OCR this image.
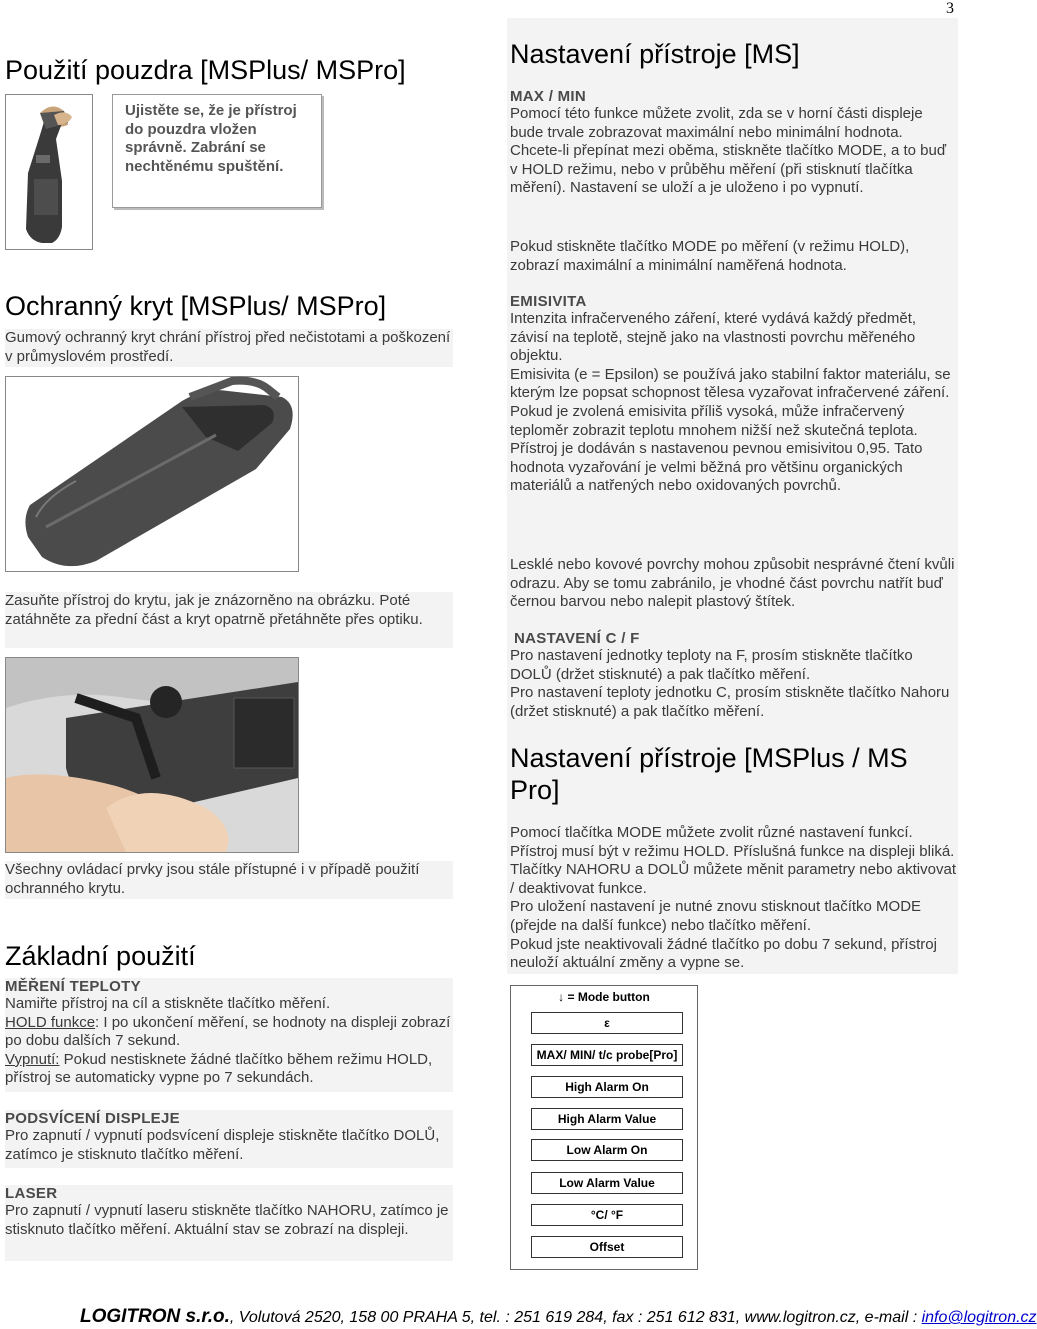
3
Použití pouzdra [MSPlus/ MSPro]
Ujistěte se, že je přístroj do pouzdra vložen správně. Zabrání se nechtěnému spuštění.
Ochranný kryt [MSPlus/ MSPro]
Gumový ochranný kryt chrání přístroj před nečistotami a poškození v průmyslovém prostředí.
Zasuňte přístroj do krytu, jak je znázorněno na obrázku. Poté zatáhněte za přední část a kryt opatrně přetáhněte přes optiku.
Všechny ovládací prvky jsou stále přístupné i v případě použití ochranného krytu.
Základní použití
MĚŘENÍ TEPLOTY
Namiřte přístroj na cíl a stiskněte tlačítko měření.
HOLD funkce: I po ukončení měření, se hodnoty na displeji zobrazí po dobu dalších 7 sekund.
Vypnutí: Pokud nestisknete žádné tlačítko během režimu HOLD, přístroj se automaticky vypne po 7 sekundách.
PODSVÍCENÍ DISPLEJE
Pro zapnutí / vypnutí podsvícení displeje stiskněte tlačítko DOLŮ, zatímco je stisknuto tlačítko měření.
LASER
Pro zapnutí / vypnutí laseru stiskněte tlačítko NAHORU, zatímco je stisknuto tlačítko měření. Aktuální stav se zobrazí na displeji.
Nastavení přístroje [MS]
MAX / MIN
Pomocí této funkce můžete zvolit, zda se v horní části displeje bude trvale zobrazovat maximální nebo minimální hodnota.
Chcete-li přepínat mezi oběma, stiskněte tlačítko MODE, a to buď v HOLD režimu, nebo v průběhu měření (při stisknutí tlačítka měření). Nastavení se uloží a je uloženo i po vypnutí.
Pokud stiskněte tlačítko MODE po měření (v režimu HOLD), zobrazí maximální a minimální naměřená hodnota.
EMISIVITA
Intenzita infračerveného záření, které vydává každý předmět, závisí na teplotě, stejně jako na vlastnosti povrchu měřeného objektu.
Emisivita (e = Epsilon) se používá jako stabilní faktor materiálu, se kterým lze popsat schopnost tělesa vyzařovat infračervené záření. Pokud je zvolená emisivita příliš vysoká, může infračervený teploměr zobrazit teplotu mnohem nižší než skutečná teplota.
Přístroj je dodáván s nastavenou pevnou emisivitou 0,95. Tato hodnota vyzařování je velmi běžná pro většinu organických materiálů a natřených nebo oxidovaných povrchů.
Lesklé nebo kovové povrchy mohou způsobit nesprávné čtení kvůli odrazu. Aby se tomu zabránilo, je vhodné část povrchu natřít buď černou barvou nebo nalepit plastový štítek.
NASTAVENÍ C / F
Pro nastavení jednotky teploty na F, prosím stiskněte tlačítko DOLŮ (držet stisknuté) a pak tlačítko měření.
Pro nastavení teploty jednotku C, prosím stiskněte tlačítko Nahoru (držet stisknuté) a pak tlačítko měření.
Nastavení přístroje [MSPlus / MS Pro]
Pomocí tlačítka MODE můžete zvolit různé nastavení funkcí. Přístroj musí být v režimu HOLD. Příslušná funkce na displeji bliká. Tlačítky NAHORU a DOLŮ můžete měnit parametry nebo aktivovat / deaktivovat funkce.
Pro uložení nastavení je nutné znovu stisknout tlačítko MODE (přejde na další funkce) nebo tlačítko měření.
Pokud jste neaktivovali žádné tlačítko po dobu 7 sekund, přístroj neuloží aktuální změny a vypne se.
↓ = Mode button
ε
MAX/ MIN/ t/c probe[Pro]
High Alarm On
High Alarm Value
Low Alarm On
Low Alarm Value
°C/ °F
Offset
LOGITRON s.r.o., Volutová 2520, 158 00 PRAHA 5, tel. : 251 619 284, fax : 251 612 831, www.logitron.cz, e-mail : info@logitron.cz
